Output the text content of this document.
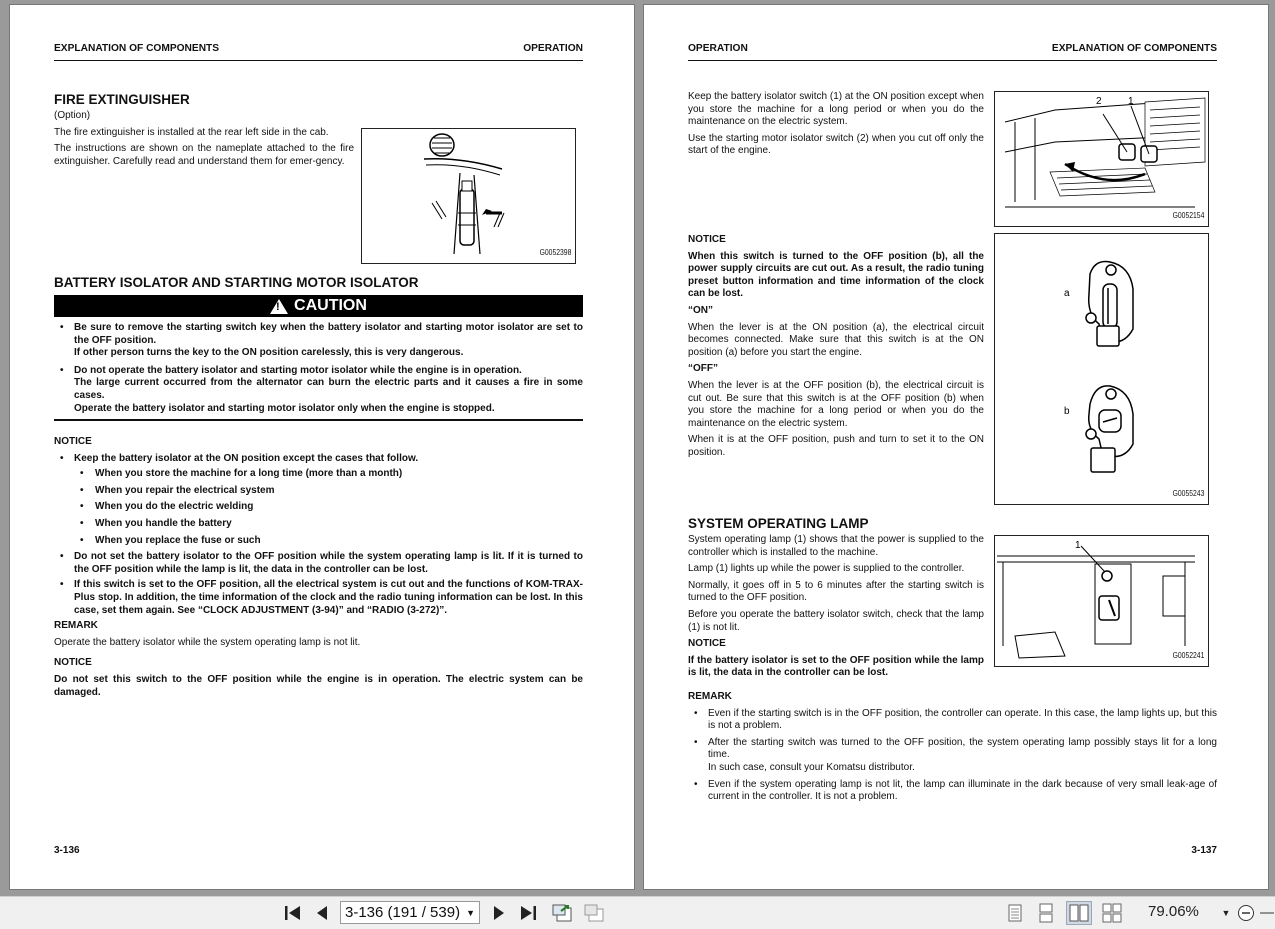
EXPLANATION OF COMPONENTS	OPERATION
FIRE EXTINGUISHER

(Option)

The fire extinguisher is installed at the rear left side in the cab.

The instructions are shown on the nameplate attached to the fire extinguisher. Carefully read and understand them for emer-gency.

G0052398
BATTERY ISOLATOR AND STARTING MOTOR ISOLATOR
! CAUTION
• Be sure to remove the starting switch key when the battery isolator and starting motor isolator are set to the OFF position.
If other person turns the key to the ON position carelessly, this is very dangerous.
• Do not operate the battery isolator and starting motor isolator while the engine is in operation.
The large current occurred from the alternator can burn the electric parts and it causes a fire in some cases.
Operate the battery isolator and starting motor isolator only when the engine is stopped.

NOTICE

• Keep the battery isolator at the ON position except the cases that follow.
• When you store the machine for a long time (more than a month)
• When you repair the electrical system
• When you do the electric welding
• When you handle the battery
• When you replace the fuse or such
• Do not set the battery isolator to the OFF position while the system operating lamp is lit. If it is turned to the OFF position while the lamp is lit, the data in the controller can be lost.
• If this switch is set to the OFF position, all the electrical system is cut out and the functions of KOM-TRAX-Plus stop. In addition, the time information of the clock and the radio tuning information can be lost. In this case, set them again. See “CLOCK ADJUSTMENT (3-94)” and “RADIO (3-272)”.

REMARK

Operate the battery isolator while the system operating lamp is not lit.

NOTICE

Do not set this switch to the OFF position while the engine is in operation. The electric system can be damaged.

3-136
OPERATION	EXPLANATION OF COMPONENTS

Keep the battery isolator switch (1) at the ON position except when you store the machine for a long period or when you do the maintenance on the electric system.

Use the starting motor isolator switch (2) when you cut off only the start of the engine.

2	1
G0052154

NOTICE

When this switch is turned to the OFF position (b), all the power supply circuits are cut out. As a result, the radio tuning preset button information and time information of the clock can be lost.

“ON”

When the lever is at the ON position (a), the electrical circuit becomes connected. Make sure that this switch is at the ON position (a) before you start the engine.

“OFF”

When the lever is at the OFF position (b), the electrical circuit is cut out. Be sure that this switch is at the OFF position (b) when you store the machine for a long period or when you do the maintenance on the electric system.

When it is at the OFF position, push and turn to set it to the ON position.

a
b
G0055243
SYSTEM OPERATING LAMP

System operating lamp (1) shows that the power is supplied to the controller which is installed to the machine.

Lamp (1) lights up while the power is supplied to the controller.

Normally, it goes off in 5 to 6 minutes after the starting switch is turned to the OFF position.

Before you operate the battery isolator switch, check that the lamp (1) is not lit.

NOTICE

If the battery isolator is set to the OFF position while the lamp is lit, the data in the controller can be lost.

1
G0052241

REMARK

• Even if the starting switch is in the OFF position, the controller can operate. In this case, the lamp lights up, but this is not a problem.
• After the starting switch was turned to the OFF position, the system operating lamp possibly stays lit for a long time.
In such case, consult your Komatsu distributor.
• Even if the system operating lamp is not lit, the lamp can illuminate in the dark because of very small leak-age of current in the controller. It is not a problem.
3-137
3-136 (191 / 539) ▼	79.06%	▼
